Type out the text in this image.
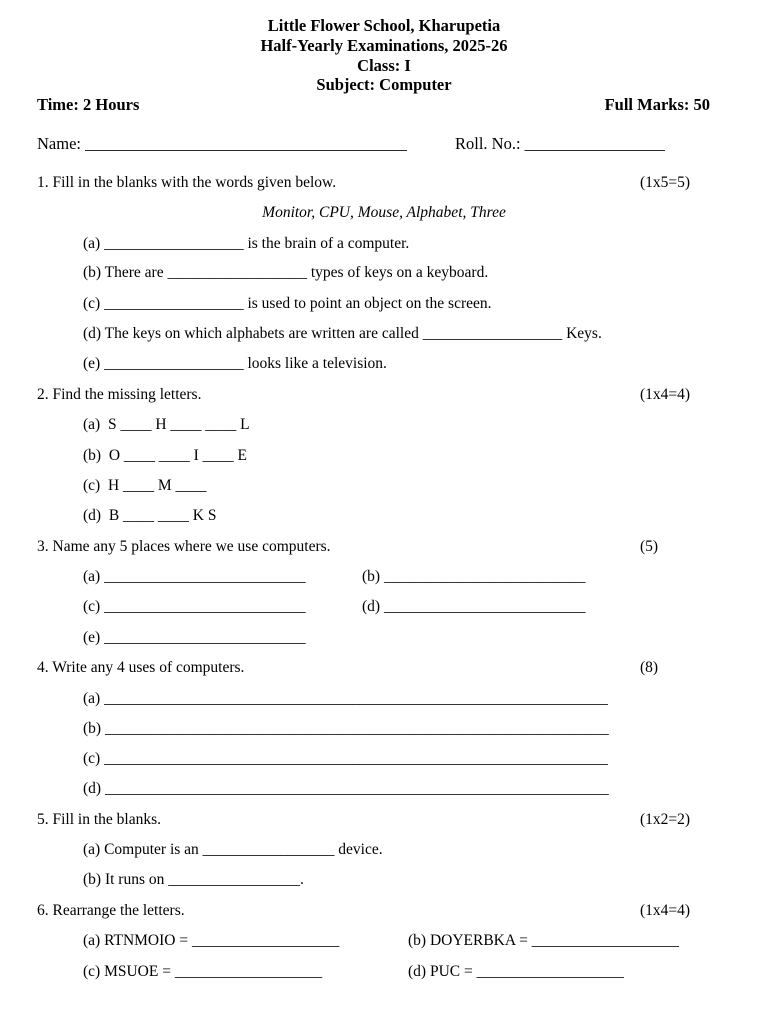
Little Flower School, Kharupetia
Half-Yearly Examinations, 2025-26
Class: I
Subject: Computer
Time: 2 Hours	Full Marks: 50
Name: _______________________________________	Roll. No.: _________________
1. Fill in the blanks with the words given below.	(1x5=5)
Monitor, CPU, Mouse, Alphabet, Three
(a) __________________ is the brain of a computer.
(b) There are __________________ types of keys on a keyboard.
(c) __________________ is used to point an object on the screen.
(d) The keys on which alphabets are written are called __________________ Keys.
(e) __________________ looks like a television.
2. Find the missing letters.	(1x4=4)
(a)  S ____ H ____ ____ L
(b)  O ____ ____ I ____ E
(c)  H ____ M ____
(d)  B ____ ____ K S
3. Name any 5 places where we use computers.	(5)
(a) __________________________	(b) __________________________
(c) __________________________	(d) __________________________
(e) __________________________
4. Write any 4 uses of computers.	(8)
(a) _________________________________________________________________
(b) _________________________________________________________________
(c) _________________________________________________________________
(d) _________________________________________________________________
5. Fill in the blanks.	(1x2=2)
(a) Computer is an _________________ device.
(b) It runs on _________________.
6. Rearrange the letters.	(1x4=4)
(a) RTNMOIO = ___________________	(b) DOYERBKA = ___________________
(c) MSUOE = ___________________	(d) PUC = ___________________
